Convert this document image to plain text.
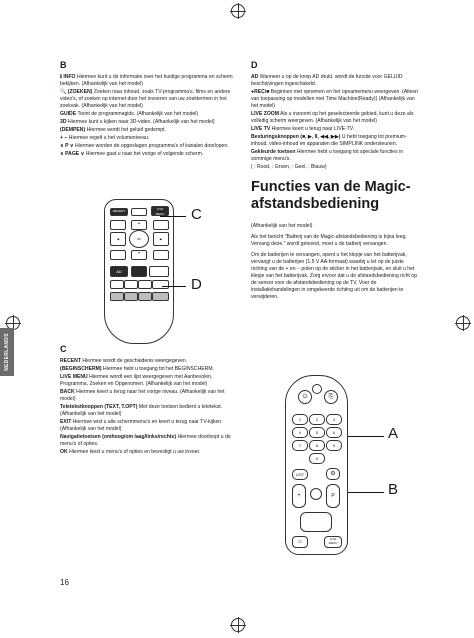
NEDERLANDS
B
ℹ INFO Hiermee kunt u de informatie over het huidige programma en scherm bekijken. (Afhankelijk van het model)
🔍 (ZOEKEN) Zoeken naar inhoud, zoals TV-programma's, films en andere video's, of zoeken op internet door het invoeren van uw zoektermen in het zoekvak. (Afhankelijk van het model)
GUIDE Toont de programmagids. (Afhankelijk van het model)
3D Hiermee kunt u kijken naar 3D-video. (Afhankelijk van het model)
(DEMPEN) Hiermee wordt het geluid gedempt.
+ − Hiermee regelt u het volumeniveau.
∧ P ∨ Hiermee worden de opgeslagen programma's of kanalen doorlopen.
∧ PAGE ∨ Hiermee gaat u naar het vorige of volgende scherm.
RECENT	LIVE MENU
▲
◀	OK	▶
▼
AD
C
D
C
RECENT Hiermee wordt de geschiedenis weergegeven.
(BEGINSCHERM) Hiermee hebt u toegang tot het BEGINSCHERM.
LIVE MENU Hiermee wordt een lijst weergegeven met Aanbevolen, Programma, Zoeken en Opgenomen. (Afhankelijk van het model)
BACK Hiermee keert u terug naar het vorige niveau. (Afhankelijk van het model)
Teletekstknoppen (TEXT, T.OPT) Met deze toetsen bedient u teletekst. (Afhankelijk van het model)
EXIT Hiermee wist u alle schermmenu's en keert u terug naar TV-kijken. (Afhankelijk van het model)
Navigatietoetsen (omhoog/om laag/links/rechts) Hiermee doorloopt u de menu's of opties.
OK Hiermee kiest u menu's of opties en bevestigt u uw invoer.
D
AD Wanneer u op de knop AD drukt, wordt de functie voor GELUID beschrijvingen ingeschakeld.
●REC/■ Beginnen met opnemen en het opnamemenu weergeven. (Alleen van toepassing op modellen met Time Machine(Ready)) (Afhankelijk van het model)
LIVE ZOOM Als u inzoomt op het geselecteerde gebied, kunt u deze als volledig scherm weergeven. (Afhankelijk van het model)
LIVE TV Hiermee keert u terug naar LIVE-TV.
Besturingsknoppen (■, ▶, II, ◀◀, ▶▶) U hebt toegang tot premium-inhoud, video-inhoud en apparaten die SIMPLINK ondersteunen.
Gekleurde toetsen Hiermee hebt u toegang tot speciale functies in sommige menu's.
( : Rood, : Groen, : Geel, : Blauw)
Functies van de Magic-afstandsbediening
(Afhankelijk van het model)
Als het bericht "Batterij van de Magic-afstandsbediening is bijna leeg. Vervang deze." wordt getoond, moet u de batterij vervangen.
Om de batterijen te vervangen, opent u het klepje van het batterijvak, vervangt u de batterijen (1,5 V AA-formaat) waarbij u let op de juiste richting van de + en − polen op de sticker in het batterijvak, en sluit u het klepje van het batterijvak. Zorg ervoor dat u de afstandsbediening richt op de sensor voor de afstandsbediening op de TV. Voer de installatiehandelingen in omgekeerde richting uit om de batterijen te verwijderen.
⏻	⎘
1	2	3
4	5	6
7	8	9
0
LIST	⚙
+	P
⌂	LIVE MENU
A
B
16
